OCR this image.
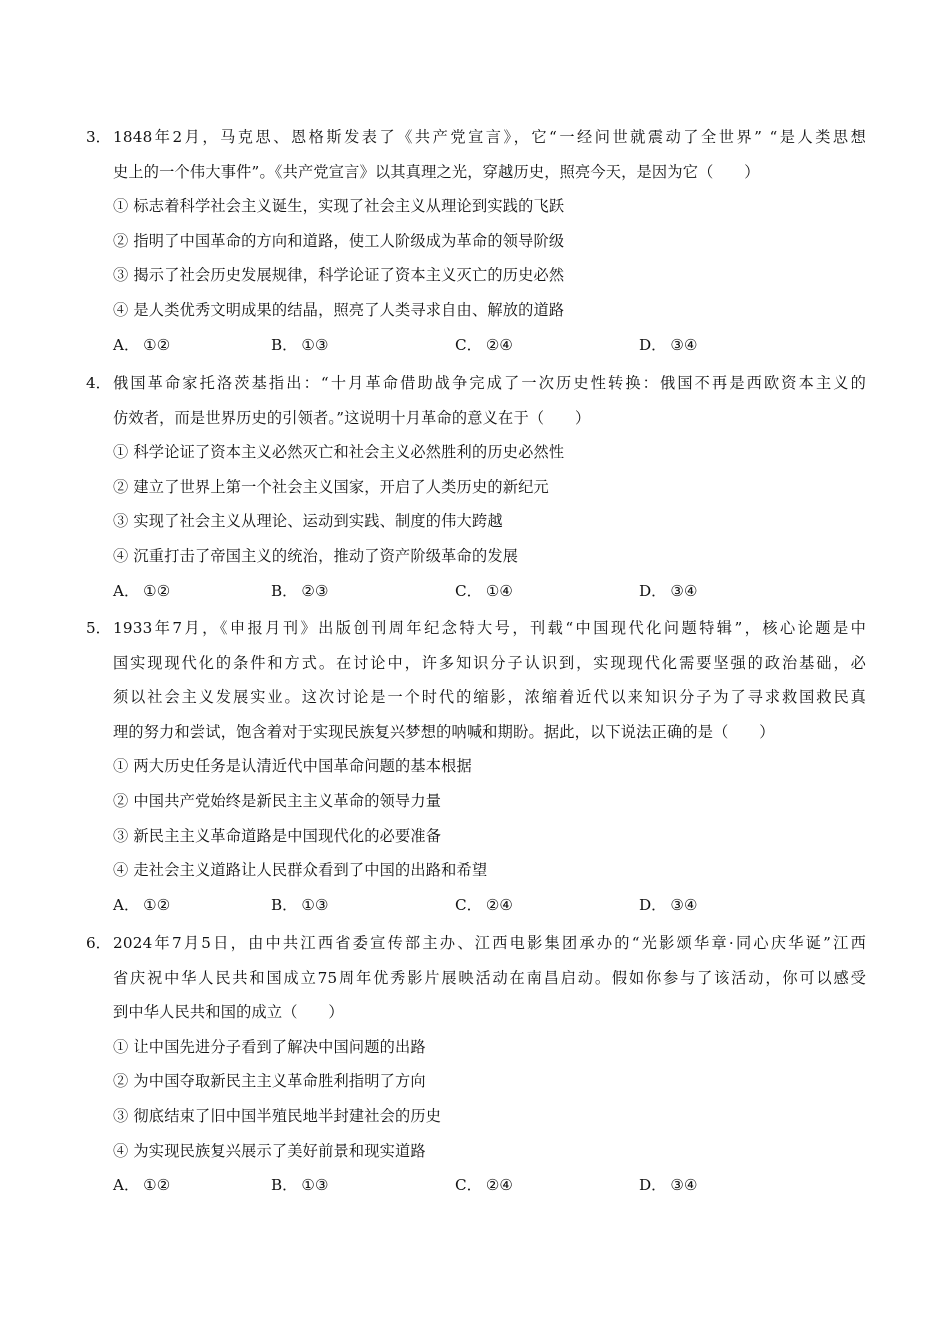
3． 1848年2月，马克思、恩格斯发表了《共产党宣言》，它“一经问世就震动了全世界” “是人类思想
史上的一个伟大事件”。《共产党宣言》以其真理之光，穿越历史，照亮今天，是因为它（　　）
① 标志着科学社会主义诞生，实现了社会主义从理论到实践的飞跃
② 指明了中国革命的方向和道路，使工人阶级成为革命的领导阶级
③ 揭示了社会历史发展规律，科学论证了资本主义灭亡的历史必然
④ 是人类优秀文明成果的结晶，照亮了人类寻求自由、解放的道路
A． ①②	B． ①③	C． ②④	D． ③④
4． 俄国革命家托洛茨基指出：“十月革命借助战争完成了一次历史性转换：俄国不再是西欧资本主义的
仿效者，而是世界历史的引领者。”这说明十月革命的意义在于（　　）
① 科学论证了资本主义必然灭亡和社会主义必然胜利的历史必然性
② 建立了世界上第一个社会主义国家，开启了人类历史的新纪元
③ 实现了社会主义从理论、运动到实践、制度的伟大跨越
④ 沉重打击了帝国主义的统治，推动了资产阶级革命的发展
A． ①②	B． ②③	C． ①④	D． ③④
5． 1933年7月，《申报月刊》出版创刊周年纪念特大号，刊载“中国现代化问题特辑”，核心论题是中
国实现现代化的条件和方式。在讨论中，许多知识分子认识到，实现现代化需要坚强的政治基础，必
须以社会主义发展实业。这次讨论是一个时代的缩影，浓缩着近代以来知识分子为了寻求救国救民真
理的努力和尝试，饱含着对于实现民族复兴梦想的呐喊和期盼。据此，以下说法正确的是（　　）
① 两大历史任务是认清近代中国革命问题的基本根据
② 中国共产党始终是新民主主义革命的领导力量
③ 新民主主义革命道路是中国现代化的必要准备
④ 走社会主义道路让人民群众看到了中国的出路和希望
A． ①②	B． ①③	C． ②④	D． ③④
6． 2024年7月5日，由中共江西省委宣传部主办、江西电影集团承办的“光影颂华章·同心庆华诞”江西
省庆祝中华人民共和国成立75周年优秀影片展映活动在南昌启动。假如你参与了该活动，你可以感受
到中华人民共和国的成立（　　）
① 让中国先进分子看到了解决中国问题的出路
② 为中国夺取新民主主义革命胜利指明了方向
③ 彻底结束了旧中国半殖民地半封建社会的历史
④ 为实现民族复兴展示了美好前景和现实道路
A． ①②	B． ①③	C． ②④	D． ③④
